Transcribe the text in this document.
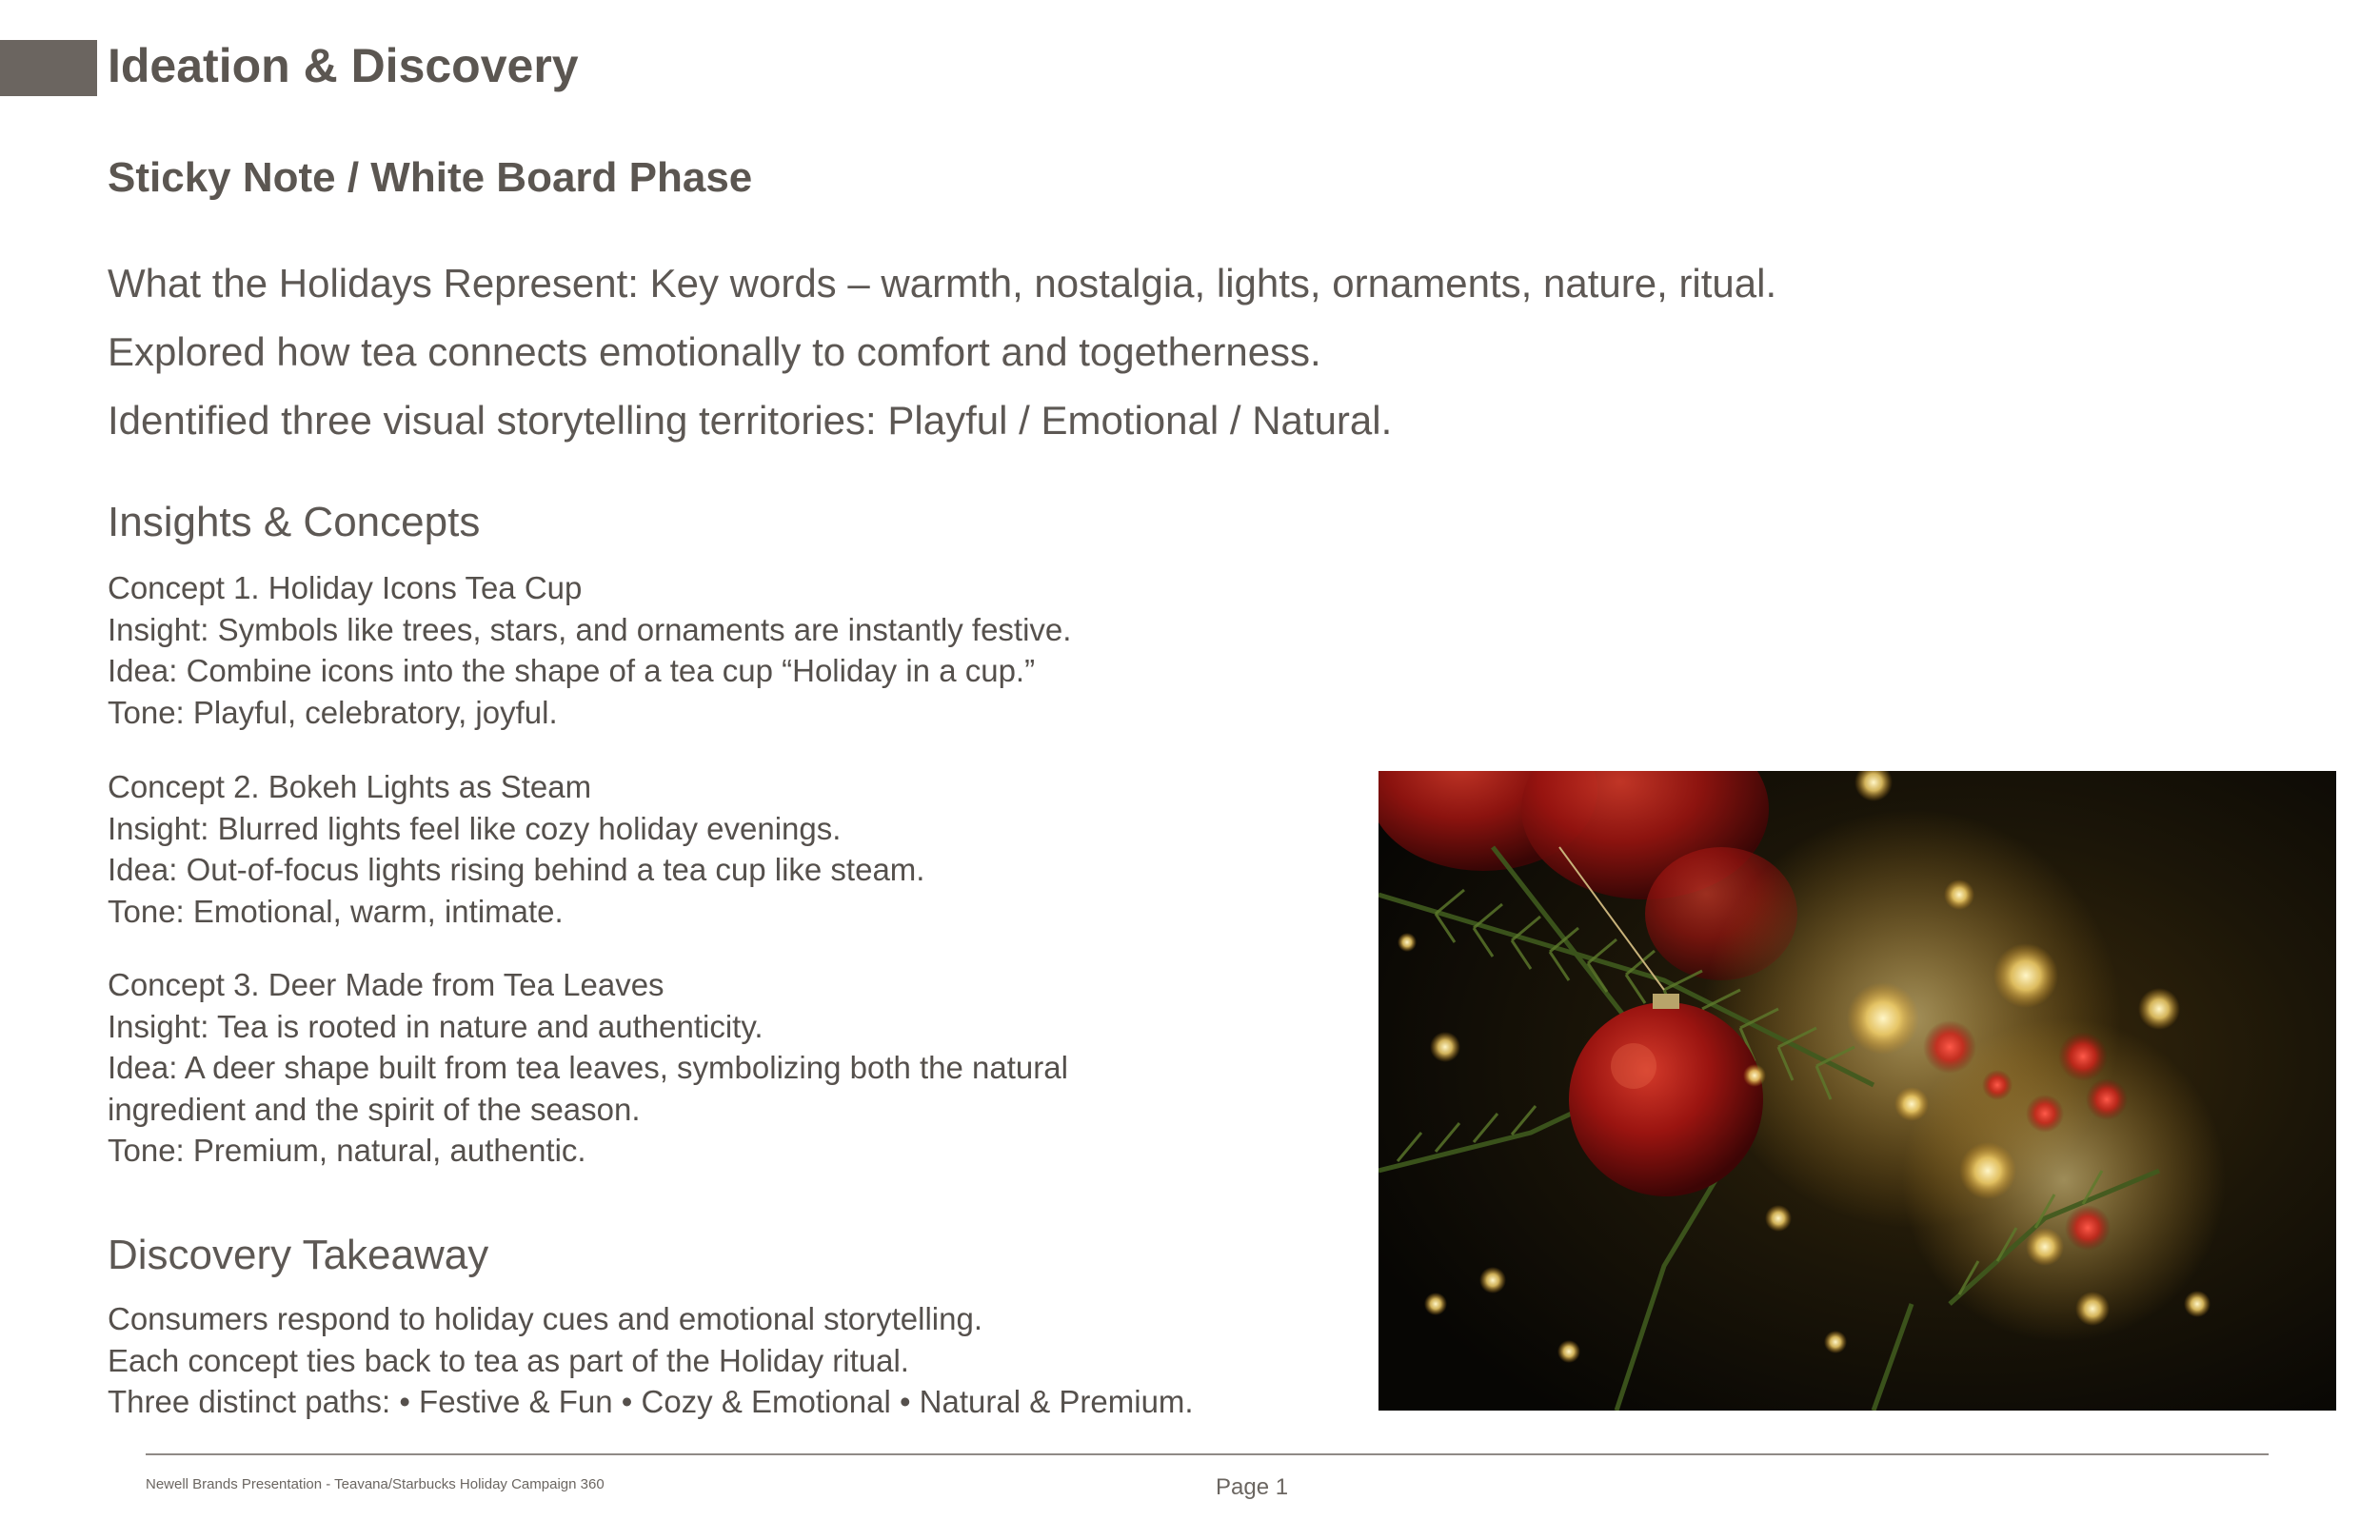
Ideation & Discovery
Sticky Note / White Board Phase
What the Holidays Represent: Key words – warmth, nostalgia, lights, ornaments, nature, ritual.
Explored how tea connects emotionally to comfort and togetherness.
Identified three visual storytelling territories: Playful / Emotional / Natural.
Insights & Concepts
Concept 1. Holiday Icons Tea Cup
Insight: Symbols like trees, stars, and ornaments are instantly festive.
Idea: Combine icons into the shape of a tea cup “Holiday in a cup.”
Tone: Playful, celebratory, joyful.
Concept 2. Bokeh Lights as Steam
Insight: Blurred lights feel like cozy holiday evenings.
Idea: Out-of-focus lights rising behind a tea cup like steam.
Tone: Emotional, warm, intimate.
Concept 3. Deer Made from Tea Leaves
Insight: Tea is rooted in nature and authenticity.
Idea: A deer shape built from tea leaves, symbolizing both the natural
ingredient and the spirit of the season.
Tone: Premium, natural, authentic.
Discovery Takeaway
Consumers respond to holiday cues and emotional storytelling.
Each concept ties back to tea as part of the Holiday ritual.
Three distinct paths: • Festive & Fun • Cozy & Emotional • Natural & Premium.
Newell Brands Presentation - Teavana/Starbucks Holiday Campaign 360	Page 1
